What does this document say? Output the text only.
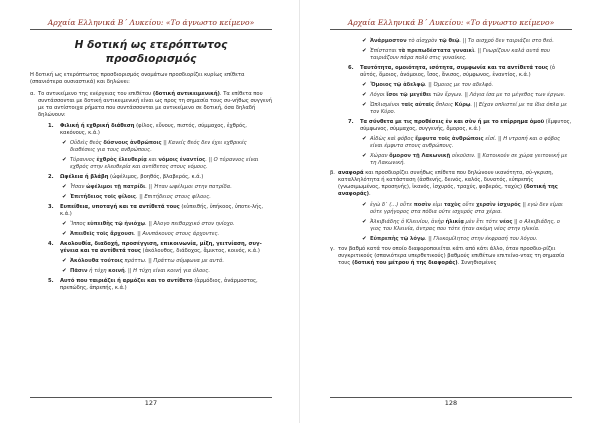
Αρχαία Ελληνικά Β΄ Λυκείου: «Το άγνωστο κείμενο»

Η δοτική ως ετερόπτωτος προσδιορισμός

Η δοτική ως ετερόπτωτος προσδιορισμός ονομάτων προσδιορίζει κυρίως επίθετα (σπανιότερα ουσιαστικά) και δηλώνει:

α. Το αντικείμενο της ενέργειας του επιθέτου (δοτική αντικειμενική). Τα επίθετα που συντάσσονται με δοτική αντικειμενική είναι ως προς τη σημασία τους συ-νήθως συγγενή με τα αντίστοιχα ρήματα που συντάσσονται με αντικείμενο σε δοτική, όσα δηλαδή δηλώνουν:
1.	Φιλική ή εχθρική διάθεση (φίλος, εὔνους, πιστός, σύμμαχος, ἐχθρός, κακόνους, κ.ά.)
✔ Οὐδεὶς θεὸς δύσνους ἀνθρώποις || Κανείς θεός δεν έχει εχθρικές διαθέσεις για τους ανθρώπους.
✔ Τύραννος ἐχθρὸς ἐλευθερίᾳ και νόμοις ἐναντίος. || Ο τύραννος είναι εχθρός στην ελευθερία και αντίθετος στους νόμους.
2.	Ωφέλεια ή βλάβη (ὠφέλιμος, βοηθός, βλαβερός, κ.ά.)
✔ Ἦσαν ὠφέλιμοι τῇ πατρίδι. || Ήταν ωφέλιμοι στην πατρίδα.
✔ Ἐπιτήδειος τοῖς φίλοις. || Επιτήδειος στους φίλους.
3.	Ευπείθεια, υποταγή και τα αντίθετά τους (εὐπειθής, ὑπήκοος, ὑποτε-λής, κ.ά.)
✔ Ἵππος εὐπειθὴς τῷ ἡνιόχῳ. || Άλογο πειθαρχικό στον ηνίοχο.
✔ Ἀπειθεῖς τοῖς ἄρχουσι. || Ανυπάκουος στους άρχοντες.
4.	Ακολουθία, διαδοχή, προσέγγιση, επικοινωνία, μίξη, γειτνίαση, συγ-γένεια και τα αντίθετά τους (ἀκόλουθος, διάδοχος, ἄμικτος, κοινός, κ.ά.)
✔ Ἀκόλουθα τούτοις πράττω. || Πράττω σύμφωνα με αυτά.
✔ Πᾶσιν ἡ τύχη κοινή. || Η τύχη είναι κοινή για όλους.
5.	Αυτό που ταιριάζει ή αρμόζει και το αντίθετο (ἁρμόδιος, ἀνάρμοστος, πρεπώδης, ἀπρεπής, κ.ά.)
127
Αρχαία Ελληνικά Β΄ Λυκείου: «Το άγνωστο κείμενο»
✔ Ἀνάρμοστον τὸ αἰσχρὸν τῷ θεῷ. || Το αισχρό δεν ταιριάζει στο θεό.
✔ Ἐπίσταται τὰ πρεπωδέστατα γυναικὶ. || Γνωρίζουν καλά αυτά που ταιριάζουν πάρα πολύ στις γυναίκες.
6.	Ταυτότητα, ομοιότητα, ισότητα, συμφωνία και τα αντίθετά τους (ὁ αὐτός, ὅμοιος, ἀνόμοιος, ἴσος, ἄνισος, σύμφωνος, ἐναντίος, κ.ά.)
✔ Ὅμοιος τῷ ἀδελφῷ. || Όμοιος με τον αδελφό.
✔ Λόγοι ἴσοι τῷ μεγέθει τῶν ἔργων. || Λόγια ίσα με το μέγεθος των έργων.
✔ Ὡπλισμένοι ταῖς αὐταῖς ὅπλοις Κύρῳ. || Είχαν οπλιστεί με τα ίδια όπλα με τον Κύρο.
7.	Τα σύνθετα με τις προθέσεις ἐν και σὺν ή με το επίρρημα ὁμοῦ (ἔμφυτος, σύμφωνος, σύμμαχος, συγγενής, ὅμορος, κ.ά.)
✔ Αἰδὼς καὶ φόβος ἔμφυτα τοῖς ἀνθρώποις εἰσί. || Η ντροπή και ο φόβος είναι έμφυτα στους ανθρώπους.
✔ Χώραν ὅμορον τῇ Λακωνικῇ οἰκοῦσιν. || Κατοικούν σε χώρα γειτονική με τη Λακωνική.
β. αναφορά και προσδιορίζει συνήθως επίθετα που δηλώνουν ικανότητα, σύ-γκριση, καταλληλότητα ή κατάσταση (ἀσθενής, δεινός, καλός, δυνατός, εὐπρεπής (γνωσιμωμένος, προσηνής), ἱκανός, ἰσχυρός, τραχύς, φοβερός, ταχύς) (δοτική της αναφοράς).
✔ ἐγὼ δ᾽ (...) οὔτε ποσὶν εἰμι ταχὺς οὔτε χερσὶν ἰσχυρός || εγώ δεν είμαι ούτε γρήγορος στα πόδια ούτε ισχυρός στα χέρια.
✔ Ἀλκιβιάδης ὁ Κλεινίου, ἀνὴρ ἡλικίᾳ μὲν ἔτι τότε νέος || ο Αλκιβιάδης, ο γιος του Κλεινία, άντρας που τότε ήταν ακόμη νέος στην ηλικία.
✔ Εὐπρεπὴς τῷ λόγῳ. || Γλυκομίλητος στην έκφρασή του λόγου.
γ. τον βαθμό κατά τον οποίο διαφοροποιείται κάτι από κάτι άλλο, όταν προσδιο-ρίζει συγκριτικούς (σπανιότερα υπερθετικούς) βαθμούς επιθέτων επιτείνο-ντας τη σημασία τους (δοτική του μέτρου ή της διαφοράς). Συνηθισμένες
128
